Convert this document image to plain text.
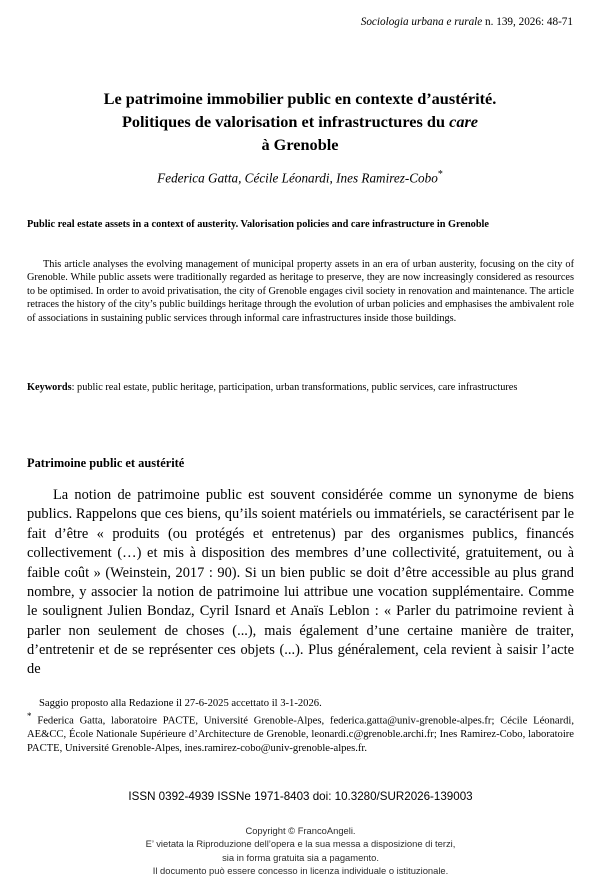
Sociologia urbana e rurale n. 139, 2026: 48-71
Le patrimoine immobilier public en contexte d’austérité.
Politiques de valorisation et infrastructures du care
à Grenoble
Federica Gatta, Cécile Léonardi, Ines Ramirez-Cobo*
Public real estate assets in a context of austerity. Valorisation policies and care infrastructure in Grenoble

This article analyses the evolving management of municipal property assets in an era of urban austerity, focusing on the city of Grenoble. While public assets were traditionally regarded as heritage to preserve, they are now increasingly considered as resources to be optimised. In order to avoid privatisation, the city of Grenoble engages civil society in renovation and maintenance. The article retraces the history of the city’s public buildings heritage through the evolution of urban policies and emphasises the ambivalent role of associations in sustaining public services through informal care infrastructures inside those buildings.

Keywords: public real estate, public heritage, participation, urban transformations, public services, care infrastructures
Patrimoine public et austérité

La notion de patrimoine public est souvent considérée comme un synonyme de biens publics. Rappelons que ces biens, qu’ils soient matériels ou immatériels, se caractérisent par le fait d’être « produits (ou protégés et entretenus) par des organismes publics, financés collectivement (…) et mis à disposition des membres d’une collectivité, gratuitement, ou à faible coût » (Weinstein, 2017 : 90). Si un bien public se doit d’être accessible au plus grand nombre, y associer la notion de patrimoine lui attribue une vocation supplémentaire. Comme le soulignent Julien Bondaz, Cyril Isnard et Anaïs Leblon : « Parler du patrimoine revient à parler non seulement de choses (...), mais également d’une certaine manière de traiter, d’entretenir et de se représenter ces objets (...). Plus généralement, cela revient à saisir l’acte de

Saggio proposto alla Redazione il 27-6-2025 accettato il 3-1-2026.

* Federica Gatta, laboratoire PACTE, Université Grenoble-Alpes, federica.gatta@univ-grenoble-alpes.fr; Cécile Léonardi, AE&CC, École Nationale Supérieure d’Architecture de Grenoble, leonardi.c@grenoble.archi.fr; Ines Ramirez-Cobo, laboratoire PACTE, Université Grenoble-Alpes, ines.ramirez-cobo@univ-grenoble-alpes.fr.

ISSN 0392-4939 ISSNe 1971-8403 doi: 10.3280/SUR2026-139003
Copyright © FrancoAngeli.
E’ vietata la Riproduzione dell’opera e la sua messa a disposizione di terzi,
sia in forma gratuita sia a pagamento.
Il documento può essere concesso in licenza individuale o istituzionale.
